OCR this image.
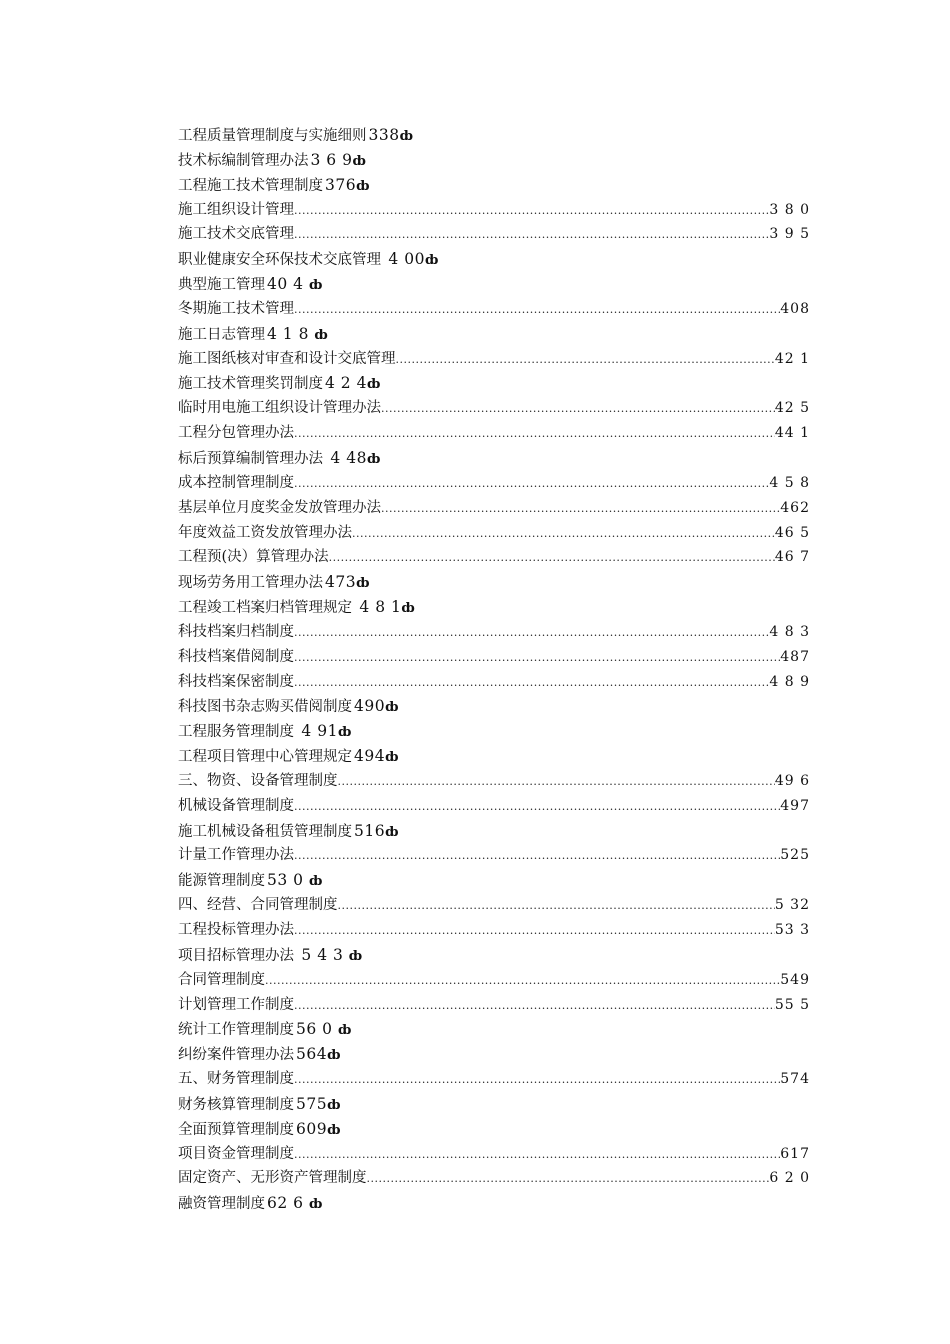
工程质量管理制度与实施细则 338ȸ
技术标编制管理办法 3 6 9ȸ
工程施工技术管理制度 376ȸ
施工组织设计管理 .....	3 8 0
施工技术交底管理 .....	3 9 5
职业健康安全环保技术交底管理 4 00ȸ
典型施工管理 40 4 ȸ
冬期施工技术管理 .....	408
施工日志管理 4 1 8 ȸ
施工图纸核对审查和设计交底管理 .....	42 1
施工技术管理奖罚制度 4 2 4ȸ
临时用电施工组织设计管理办法 .....	42 5
工程分包管理办法 .....	44 1
标后预算编制管理办法 4 48ȸ
成本控制管理制度 .....	4 5 8
基层单位月度奖金发放管理办法 .....	462
年度效益工资发放管理办法 .....	46 5
工程预(决）算管理办法 .....	46 7
现场劳务用工管理办法 473ȸ
工程竣工档案归档管理规定 4 8 1ȸ
科技档案归档制度 .....	4 8 3
科技档案借阅制度 .....	487
科技档案保密制度 .....	4 8 9
科技图书杂志购买借阅制度 490ȸ
工程服务管理制度 4 91ȸ
工程项目管理中心管理规定 494ȸ
三、物资、设备管理制度 .....	49 6
机械设备管理制度 .....	497
施工机械设备租赁管理制度 516ȸ
计量工作管理办法 .....	525
能源管理制度 53 0 ȸ
四、经营、合同管理制度 .....	5 32
工程投标管理办法 .....	53 3
项目招标管理办法 5 4 3 ȸ
合同管理制度 .....	549
计划管理工作制度 .....	55 5
统计工作管理制度 56 0 ȸ
纠纷案件管理办法 564ȸ
五、财务管理制度 .....	574
财务核算管理制度 575ȸ
全面预算管理制度 609ȸ
项目资金管理制度 .....	617
固定资产、无形资产管理制度 .....	6 2 0
融资管理制度 62 6 ȸ
